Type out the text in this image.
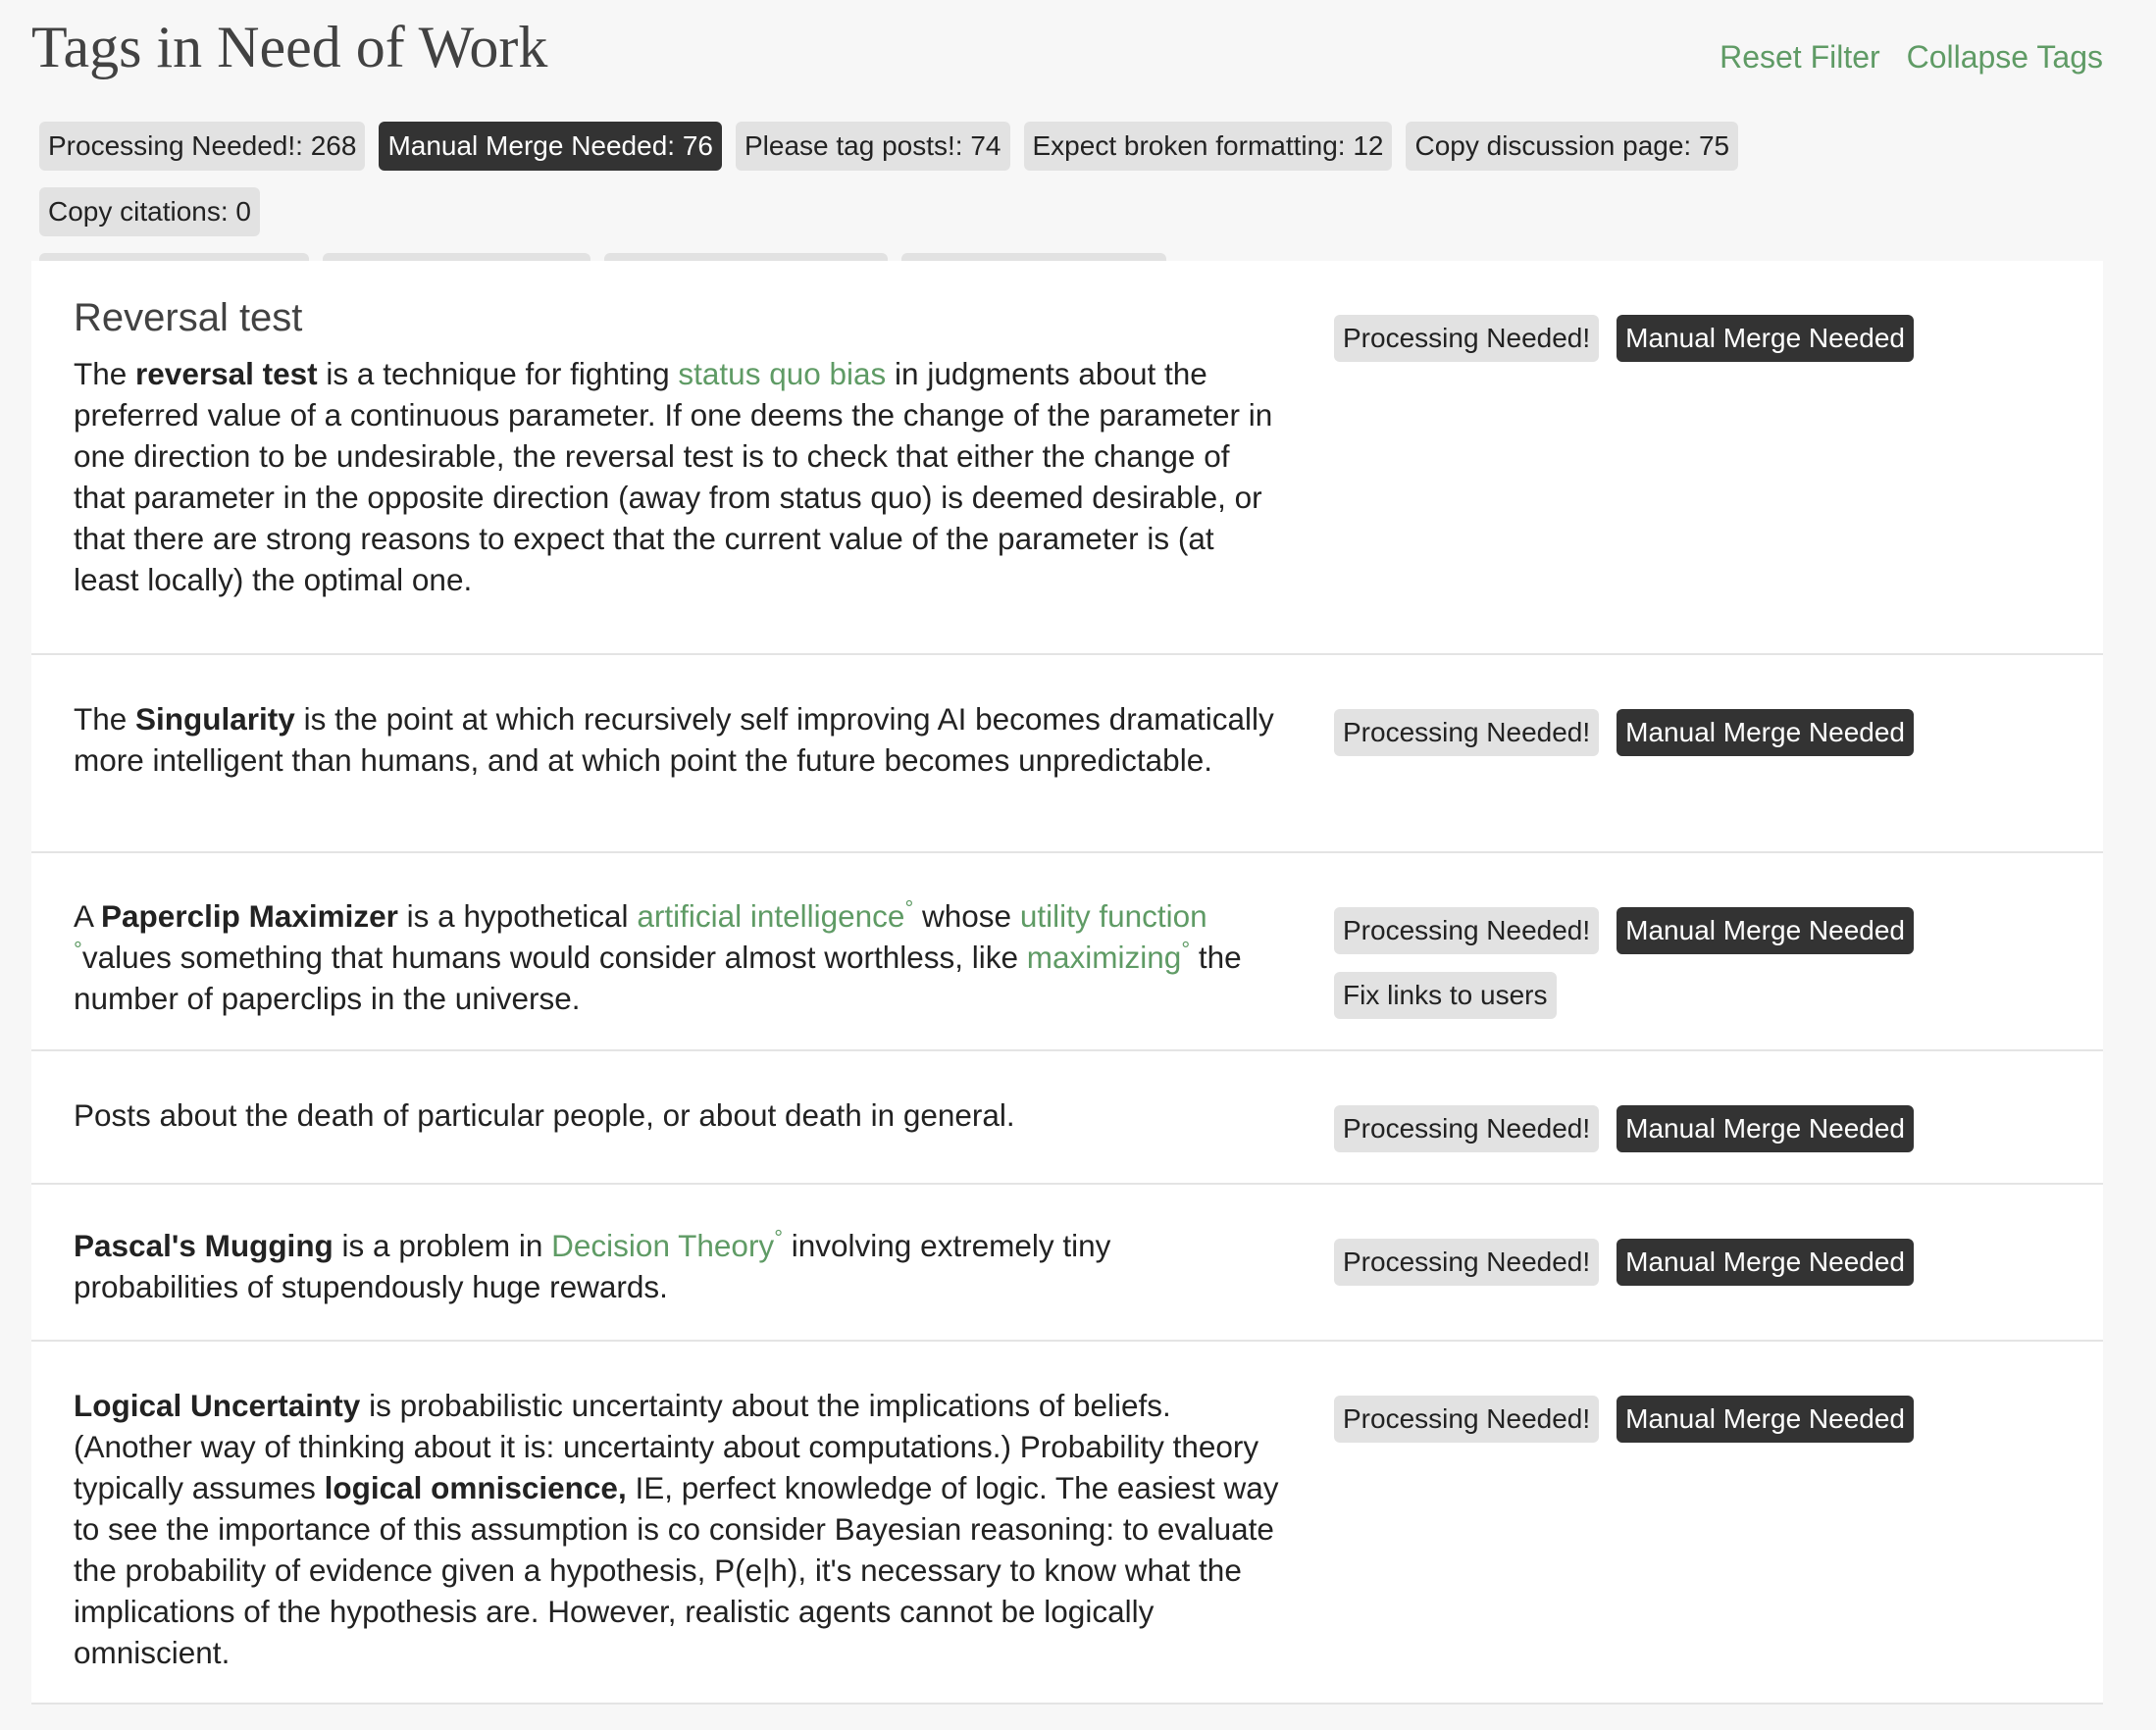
Tags in Need of Work	Reset Filter Collapse Tags
Processing Needed!: 268 Manual Merge Needed: 76 Please tag posts!: 74 Expect broken formatting: 12 Copy discussion page: 75Copy citations: 0

Reversal test

The reversal test is a technique for fighting status quo bias in judgments about the preferred value of a continuous parameter. If one deems the change of the parameter in one direction to be undesirable, the reversal test is to check that either the change of that parameter in the opposite direction (away from status quo) is deemed desirable, or that there are strong reasons to expect that the current value of the parameter is (at least locally) the optimal one.

Processing Needed! Manual Merge Needed

The Singularity is the point at which recursively self improving AI becomes dramatically more intelligent than humans, and at which point the future becomes unpredictable.

Processing Needed! Manual Merge Needed

A Paperclip Maximizer is a hypothetical artificial intelligence° whose utility function °values something that humans would consider almost worthless, like maximizing° the number of paperclips in the universe.

Processing Needed! Manual Merge Needed
Fix links to users

Posts about the death of particular people, or about death in general.	Processing Needed! Manual Merge Needed

Pascal's Mugging is a problem in Decision Theory° involving extremely tiny probabilities of stupendously huge rewards.

Processing Needed! Manual Merge Needed

Logical Uncertainty is probabilistic uncertainty about the implications of beliefs. (Another way of thinking about it is: uncertainty about computations.) Probability theory typically assumes logical omniscience, IE, perfect knowledge of logic. The easiest way to see the importance of this assumption is co consider Bayesian reasoning: to evaluate the probability of evidence given a hypothesis, P(e|h), it's necessary to know what the implications of the hypothesis are. However, realistic agents cannot be logically omniscient.

Processing Needed! Manual Merge Needed
